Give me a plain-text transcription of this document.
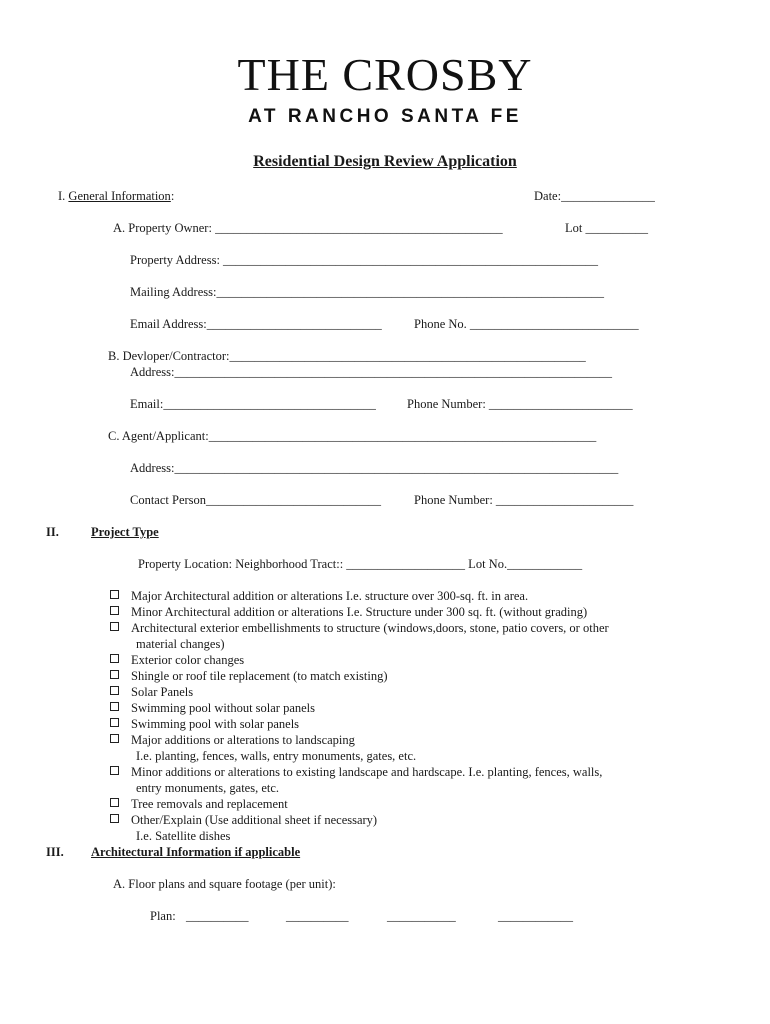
THE CROSBY
AT RANCHO SANTA FE
Residential Design Review Application
I. General Information:	Date:_______________
A. Property Owner: ______________________________________________	Lot __________
Property Address: ____________________________________________________________
Mailing Address:______________________________________________________________
Email Address:____________________________	Phone No. ___________________________
B. Devloper/Contractor:_________________________________________________________
Address:______________________________________________________________________
Email:__________________________________ Phone Number: _______________________
C. Agent/Applicant:______________________________________________________________
Address:_______________________________________________________________________
Contact Person____________________________	Phone Number: ______________________
II.	Project Type
Property Location: Neighborhood Tract:: ___________________ Lot No.____________
Major Architectural addition or alterations I.e. structure over 300-sq. ft. in area.
Minor Architectural addition or alterations I.e. Structure under 300 sq. ft. (without grading)
Architectural exterior embellishments to structure (windows,doors, stone, patio covers, or other
material changes)
Exterior color changes
Shingle or roof tile replacement (to match existing)
Solar Panels
Swimming pool without solar panels
Swimming pool with solar panels
Major additions or alterations to landscaping
I.e. planting, fences, walls, entry monuments, gates, etc.
Minor additions or alterations to existing landscape and hardscape. I.e. planting, fences, walls,
entry monuments, gates, etc.
Tree removals and replacement
Other/Explain (Use additional sheet if necessary)
I.e. Satellite dishes
III. Architectural Information if applicable
A. Floor plans and square footage (per unit):
Plan: __________	__________	___________	____________
